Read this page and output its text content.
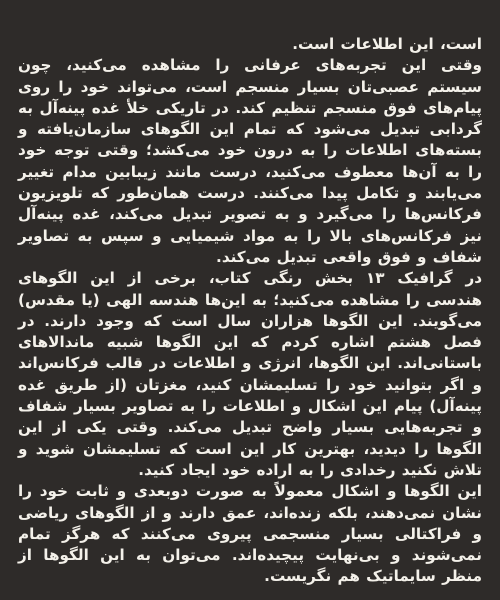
است، این اطلاعات است.

وقتی این تجربه‌های عرفانی را مشاهده می‌کنید، چون سیستم عصبی‌تان بسیار منسجم است، می‌تواند خود را روی پیام‌های فوق منسجم تنظیم کند. در تاریکی خلأ غده پینه‌آل به گردابی تبدیل می‌شود که تمام این الگوهای سازمان‌یافته و بسته‌های اطلاعات را به درون خود می‌کشد؛ وقتی توجه خود را به آن‌ها معطوف می‌کنید، درست مانند زیبابین مدام تغییر می‌یابند و تکامل پیدا می‌کنند. درست همان‌طور که تلویزیون فرکانس‌ها را می‌گیرد و به تصویر تبدیل می‌کند، غده پینه‌آل نیز فرکانس‌های بالا را به مواد شیمیایی و سپس به تصاویر شفاف و فوق واقعی تبدیل می‌کند.

در گرافیک ۱۳ بخش رنگی کتاب، برخی از این الگوهای هندسی را مشاهده می‌کنید؛ به این‌ها هندسه الهی (یا مقدس) می‌گویند. این الگوها هزاران سال است که وجود دارند. در فصل هشتم اشاره کردم که این الگوها شبیه ماندالاهای باستانی‌اند. این الگوها، انرژی و اطلاعات در قالب فرکانس‌اند و اگر بتوانید خود را تسلیمشان کنید، مغزتان (از طریق غده پینه‌آل) پیام این اشکال و اطلاعات را به تصاویر بسیار شفاف و تجربه‌هایی بسیار واضح تبدیل می‌کند. وقتی یکی از این الگوها را دیدید، بهترین کار این است که تسلیمشان شوید و تلاش نکنید رخدادی را به اراده خود ایجاد کنید.

این الگوها و اشکال معمولاً به صورت دوبعدی و ثابت خود را نشان نمی‌دهند، بلکه زنده‌اند، عمق دارند و از الگوهای ریاضی و فراکتالی بسیار منسجمی پیروی می‌کنند که هرگز تمام نمی‌شوند و بی‌نهایت پیچیده‌اند. می‌توان به این الگوها از منظر سایماتیک هم نگریست.
